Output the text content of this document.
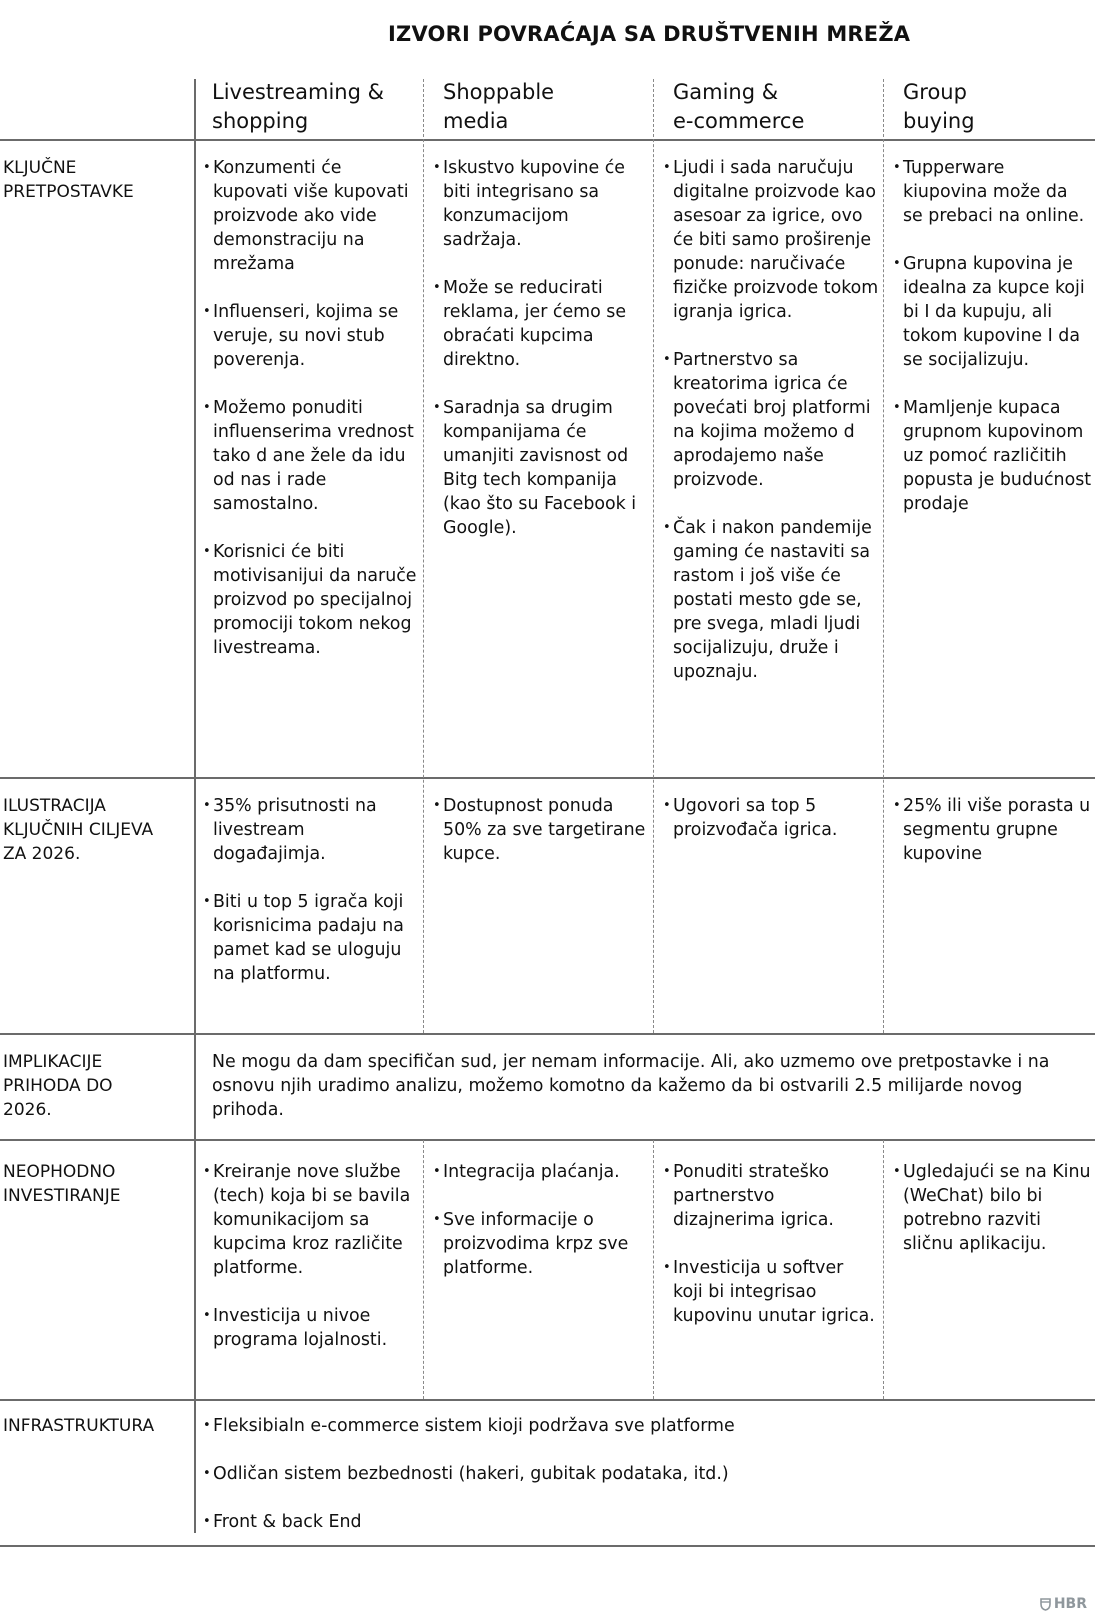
IZVORI POVRAĆAJA SA DRUŠTVENIH MREŽA
Livestreaming &
shopping
Shoppable
media
Gaming &
e-commerce
Group
buying
KLJUČNE
PRETPOSTAVKE
• Konzumenti će kupovati više kupovati proizvode ako vide demonstraciju na mrežama
• Influenseri, kojima se veruje, su novi stub poverenja.
• Možemo ponuditi influenserima vrednost tako d ane žele da idu od nas i rade samostalno.
• Korisnici će biti motivisanijui da naruče proizvod po specijalnoj promociji tokom nekog livestreama.
• Iskustvo kupovine će biti integrisano sa konzumacijom sadržaja.
• Može se reducirati reklama, jer ćemo se obraćati kupcima direktno.
• Saradnja sa drugim kompanijama će umanjiti zavisnost od Bitg tech kompanija (kao što su Facebook i Google).
• Ljudi i sada naručuju digitalne proizvode kao asesoar za igrice, ovo će biti samo proširenje ponude: naručivaće fizičke proizvode tokom igranja igrica.
• Partnerstvo sa kreatorima igrica će povećati broj platformi na kojima možemo d aprodajemo naše proizvode.
• Čak i nakon pandemije gaming će nastaviti sa rastom i još više će postati mesto gde se, pre svega, mladi ljudi socijalizuju, druže i upoznaju.
• Tupperware kiupovina može da se prebaci na online.
• Grupna kupovina je idealna za kupce koji bi I da kupuju, ali tokom kupovine I da se socijalizuju.
• Mamljenje kupaca grupnom kupovinom uz pomoć različitih popusta je budućnost prodaje
ILUSTRACIJA
KLJUČNIH CILJEVA
ZA 2026.
• 35% prisutnosti na livestream događajimja.
• Biti u top 5 igrača koji korisnicima padaju na pamet kad se uloguju na platformu.
• Dostupnost ponuda 50% za sve targetirane kupce.
• Ugovori sa top 5 proizvođača igrica.
• 25% ili više porasta u segmentu grupne kupovine
IMPLIKACIJE
PRIHODA DO
2026.
Ne mogu da dam specifičan sud, jer nemam informacije. Ali, ako uzmemo ove pretpostavke i na osnovu njih uradimo analizu, možemo komotno da kažemo da bi ostvarili 2.5 milijarde novog prihoda.
NEOPHODNO
INVESTIRANJE
• Kreiranje nove službe (tech) koja bi se bavila komunikacijom sa kupcima kroz različite platforme.
• Investicija u nivoe programa lojalnosti.
• Integracija plaćanja.
• Sve informacije o proizvodima krpz sve platforme.
• Ponuditi strateško partnerstvo dizajnerima igrica.
• Investicija u softver koji bi integrisao kupovinu unutar igrica.
• Ugledajući se na Kinu (WeChat) bilo bi potrebno razviti sličnu aplikaciju.
INFRASTRUKTURA	• Fleksibialn e-commerce sistem kioji podržava sve platforme
• Odličan sistem bezbednosti (hakeri, gubitak podataka, itd.)
• Front & back End
HBR
